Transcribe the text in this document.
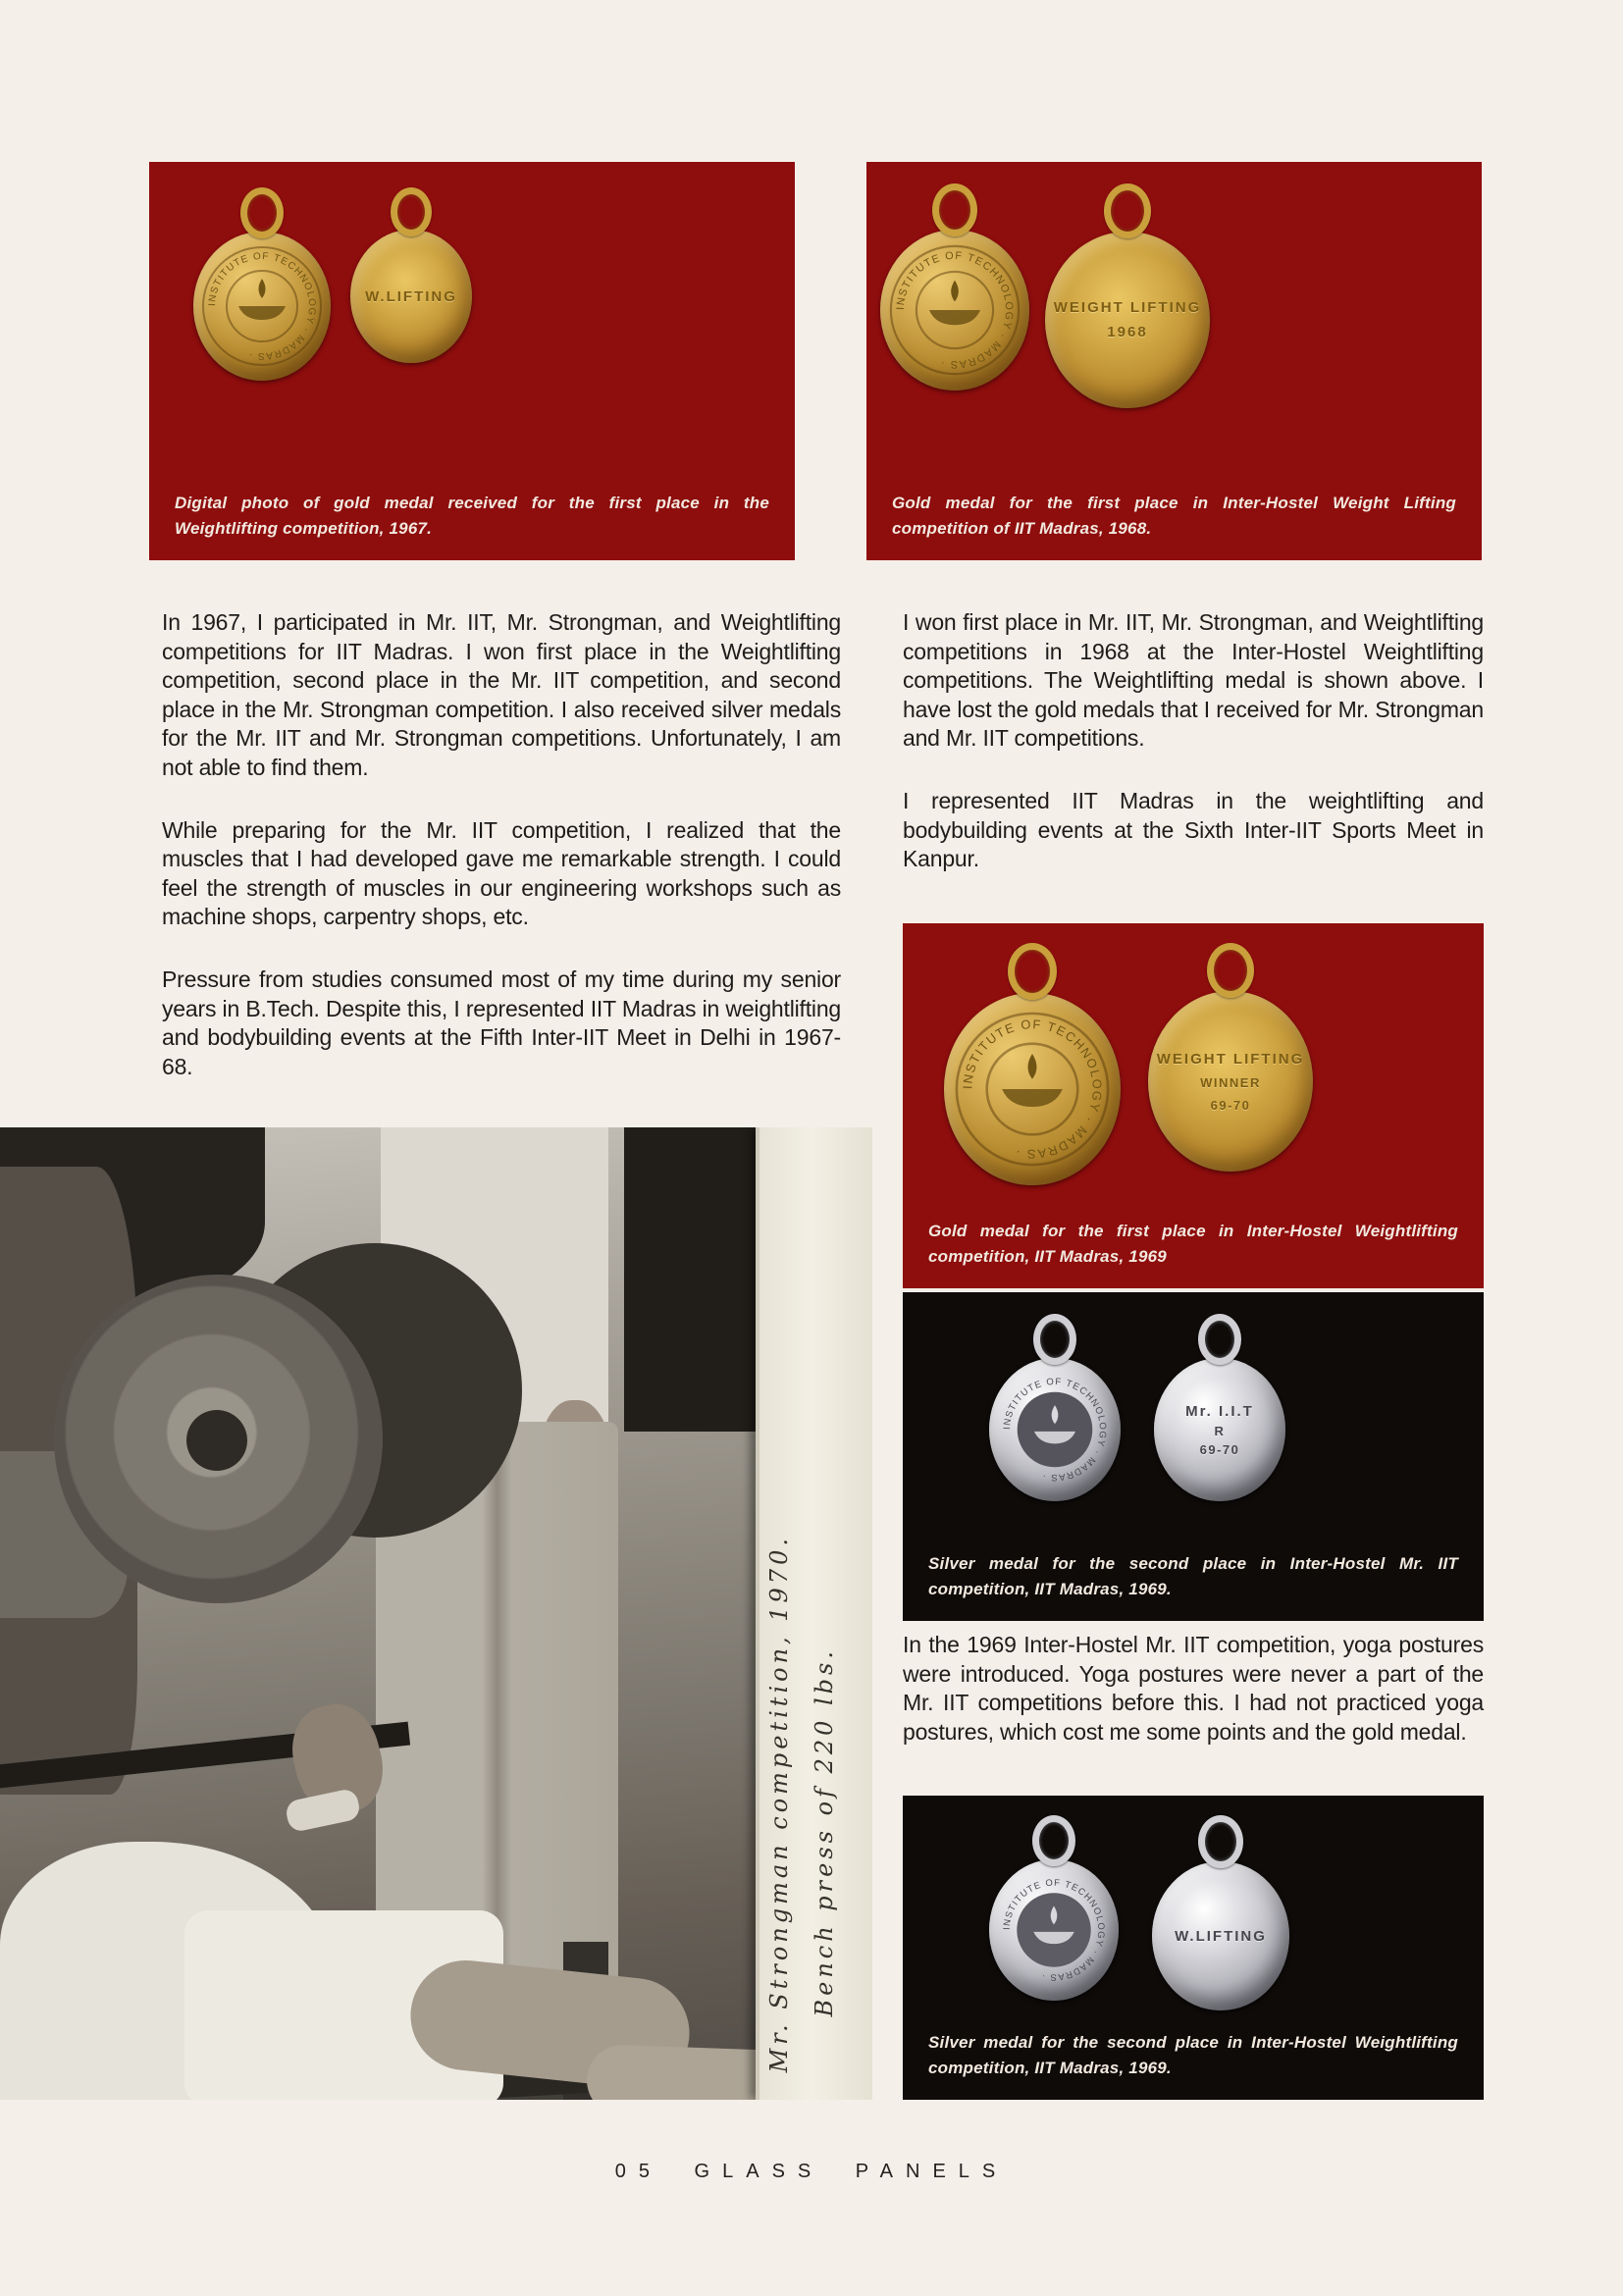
INSTITUTE OF TECHNOLOGY · MADRAS ·
W.LIFTING

Digital photo of gold medal received for the first place in the Weightlifting competition, 1967.

INSTITUTE OF TECHNOLOGY · MADRAS ·
WEIGHT LIFTING
1968

Gold medal for the first place in Inter-Hostel Weight Lifting competition of IIT Madras, 1968.

In 1967, I participated in Mr. IIT, Mr. Strongman, and Weightlifting competitions for IIT Madras. I won first place in the Weightlifting competition, second place in the Mr. IIT competition, and second place in the Mr. Strongman competition. I also received silver medals for the Mr. IIT and Mr. Strongman competitions. Unfortunately, I am not able to find them.

While preparing for the Mr. IIT competition, I realized that the muscles that I had developed gave me remarkable strength. I could feel the strength of muscles in our engineering workshops such as machine shops, carpentry shops, etc.

Pressure from studies consumed most of my time during my senior years in B.Tech. Despite this, I represented IIT Madras in weightlifting and bodybuilding events at the Fifth Inter-IIT Meet in Delhi in 1967-68.

I won first place in Mr. IIT, Mr. Strongman, and Weightlifting competitions in 1968 at the Inter-Hostel Weightlifting competitions. The Weightlifting medal is shown above. I have lost the gold medals that I received for Mr. Strongman and Mr. IIT competitions.

I represented IIT Madras in the weightlifting and bodybuilding events at the Sixth Inter-IIT Sports Meet in Kanpur.

INSTITUTE OF TECHNOLOGY · MADRAS ·
WEIGHT LIFTING
WINNER
69-70

Gold medal for the first place in Inter-Hostel Weightlifting competition, IIT Madras, 1969

INSTITUTE OF TECHNOLOGY · MADRAS ·
Mr. I.I.T
R
69-70

Silver medal for the second place in Inter-Hostel Mr. IIT competition, IIT Madras, 1969.

In the 1969 Inter-Hostel Mr. IIT competition, yoga postures were introduced. Yoga postures were never a part of the Mr. IIT competitions before this. I had not practiced yoga postures, which cost me some points and the gold medal.

INSTITUTE OF TECHNOLOGY · MADRAS ·
W.LIFTING

Silver medal for the second place in Inter-Hostel Weightlifting competition, IIT Madras, 1969.

Mr. Strongman competition, 1970. Bench press of 220 lbs.
05 GLASS PANELS
